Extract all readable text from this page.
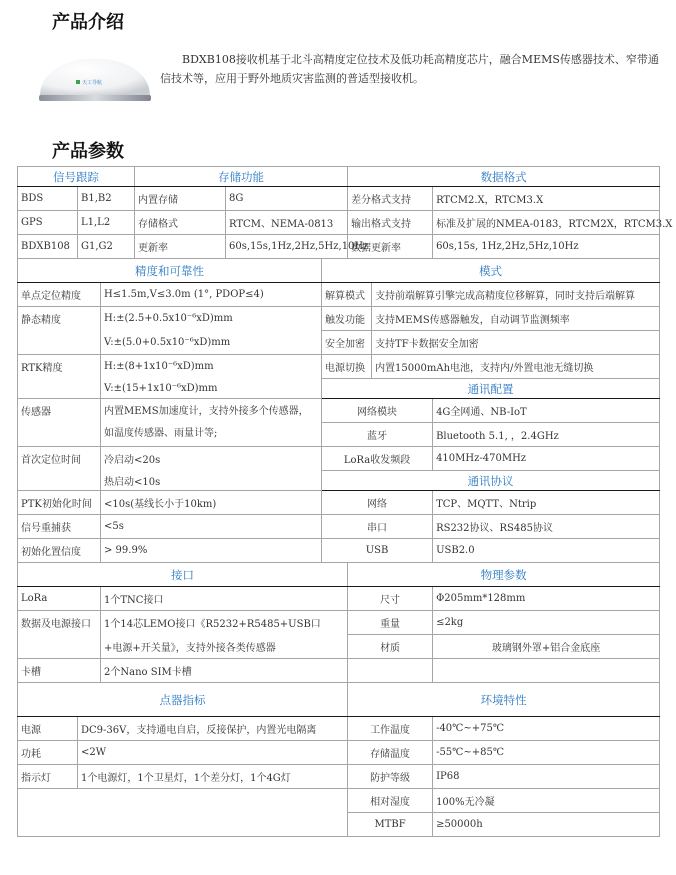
产品介绍
天工导航
BDXB108接收机基于北斗高精度定位技术及低功耗高精度芯片，融合MEMS传感器技术、窄带通信技术等，应用于野外地质灾害监测的普适型接收机。
产品参数
信号跟踪			存储功能			数据格式		
BDS	B1,B2		内置存储	8G		差分格式支持		RTCM2.X，RTCM3.X
GPS	L1,L2		存储格式	RTCM、NEMA-0813		输出格式支持		标准及扩展的NMEA-0183，RTCM2X，RTCM3.X
BDXB108	G1,G2		更新率	60s,15s,1Hz,2Hz,5Hz,10Hz		数据更新率		60s,15s, 1Hz,2Hz,5Hz,10Hz
精度和可靠性					模式			
单点定位精度		H≤1.5m,V≤3.0m (1°, PDOP≤4)			解算模式		支持前端解算引擎完成高精度位移解算，同时支持后端解算	
静态精度		H:±(2.5+0.5x10⁻⁶xD)mm			触发功能		支持MEMS传感器触发，自动调节监测频率	
		V:±(5.0+0.5x10⁻⁶xD)mm			安全加密		支持TF卡数据安全加密	
RTK精度		H:±(8+1x10⁻⁶xD)mm			电源切换		内置15000mAh电池，支持内/外置电池无缝切换	
		V:±(15+1x10⁻⁶xD)mm			通讯配置			
传感器		内置MEMS加速度计，支持外接多个传感器，如温度传感器、雨量计等;			网络模块			4G全网通、NB-IoT
					蓝牙			Bluetooth 5.1, ，2.4GHz
首次定位时间		冷启动<20s			LoRa收发频段			410MHz-470MHz
		热启动<10s			通讯协议			
PTK初始化时间		<10s(基线长小于10km)			网络			TCP、MQTT、Ntrip
信号重捕获		<5s			串口			RS232协议、RS485协议
初始化置信度		> 99.9%			USB			USB2.0
接口						物理参数		
LoRa		1个TNC接口				尺寸		Φ205mm*128mm
数据及电源接口		1个14芯LEMO接口《R5232+R5485+USB口				重量		≤2kg
		+电源+开关量》，支持外接各类传感器				材质		玻璃钢外罩+铝合金底座
卡槽		2个Nano SIM卡槽						
点器指标						环境特性		
电源	DC9-36V，支持通电自启，反接保护，内置光电隔离					工作温度		-40℃~+75℃
功耗	<2W					存储温度		-55℃~+85℃
指示灯	1个电源灯，1个卫星灯，1个差分灯，1个4G灯					防护等级		IP68
						相对湿度		100%无冷凝
						MTBF		≥50000h
